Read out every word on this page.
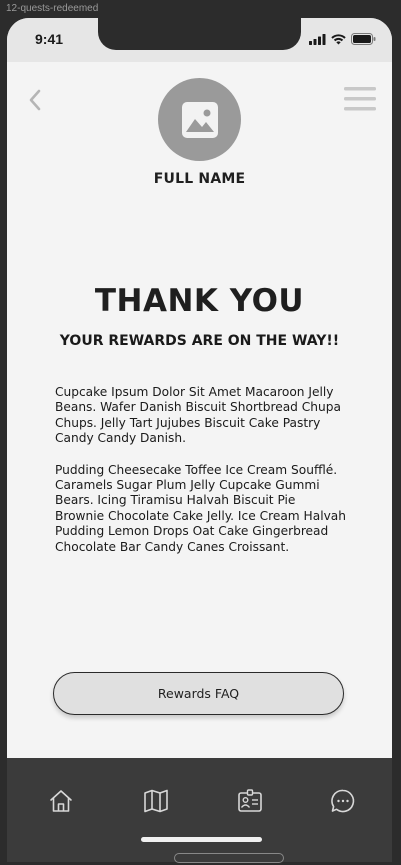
12-quests-redeemed
9:41
FULL NAME
THANK YOU
YOUR REWARDS ARE ON THE WAY!!

Cupcake Ipsum Dolor Sit Amet Macaroon Jelly Beans. Wafer Danish Biscuit Shortbread Chupa Chups. Jelly Tart Jujubes Biscuit Cake Pastry Candy Candy Danish.

Pudding Cheesecake Toffee Ice Cream Soufflé. Caramels Sugar Plum Jelly Cupcake Gummi Bears. Icing Tiramisu Halvah Biscuit Pie Brownie Chocolate Cake Jelly. Ice Cream Halvah Pudding Lemon Drops Oat Cake Gingerbread Chocolate Bar Candy Canes Croissant.

Rewards FAQ
